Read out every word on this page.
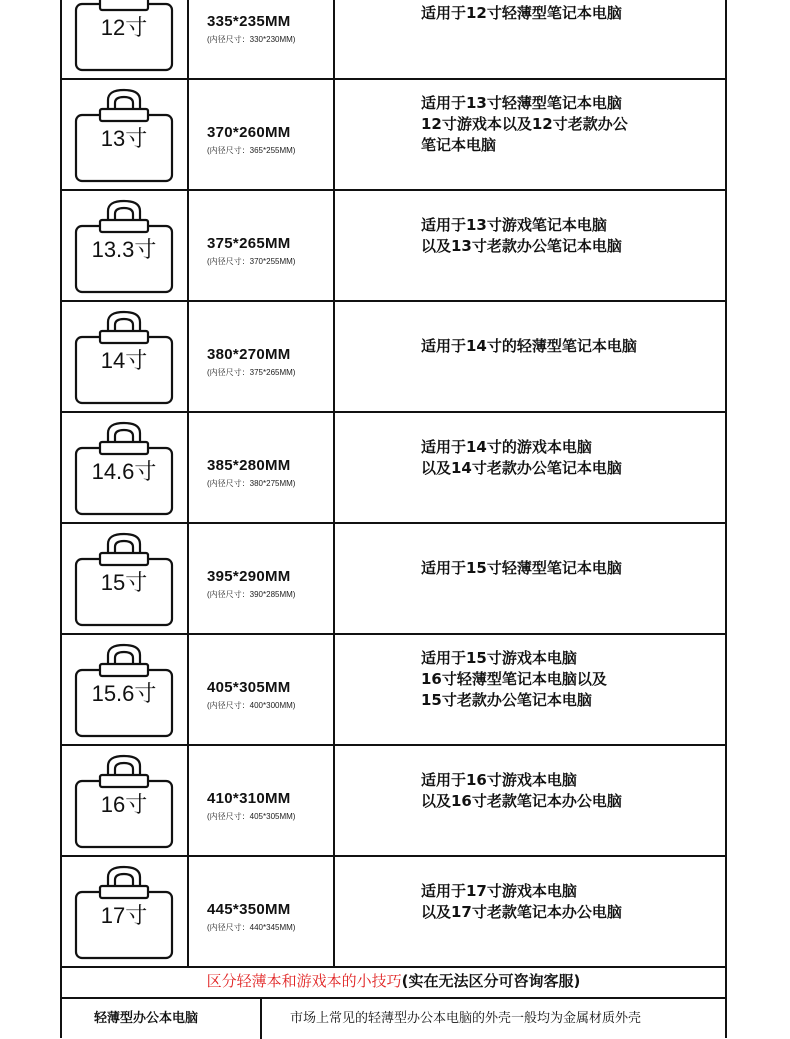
区分轻薄本和游戏本的小技巧(实在无法区分可咨询客服)
轻薄型办公本电脑	市场上常见的轻薄型办公本电脑的外壳一般均为金属材质外壳
12寸	335*235MM
(内径尺寸：330*230MM)
适用于12寸轻薄型笔记本电脑
13寸	370*260MM
(内径尺寸：365*255MM)
适用于13寸轻薄型笔记本电脑
12寸游戏本以及12寸老款办公
笔记本电脑
13.3寸	375*265MM
(内径尺寸：370*255MM)
适用于13寸游戏笔记本电脑
以及13寸老款办公笔记本电脑
14寸	380*270MM
(内径尺寸：375*265MM)
适用于14寸的轻薄型笔记本电脑
14.6寸	385*280MM
(内径尺寸：380*275MM)
适用于14寸的游戏本电脑
以及14寸老款办公笔记本电脑
15寸	395*290MM
(内径尺寸：390*285MM)
适用于15寸轻薄型笔记本电脑
15.6寸	405*305MM
(内径尺寸：400*300MM)
适用于15寸游戏本电脑
16寸轻薄型笔记本电脑以及
15寸老款办公笔记本电脑
16寸	410*310MM
(内径尺寸：405*305MM)
适用于16寸游戏本电脑
以及16寸老款笔记本办公电脑
17寸	445*350MM
(内径尺寸：440*345MM)
适用于17寸游戏本电脑
以及17寸老款笔记本办公电脑
